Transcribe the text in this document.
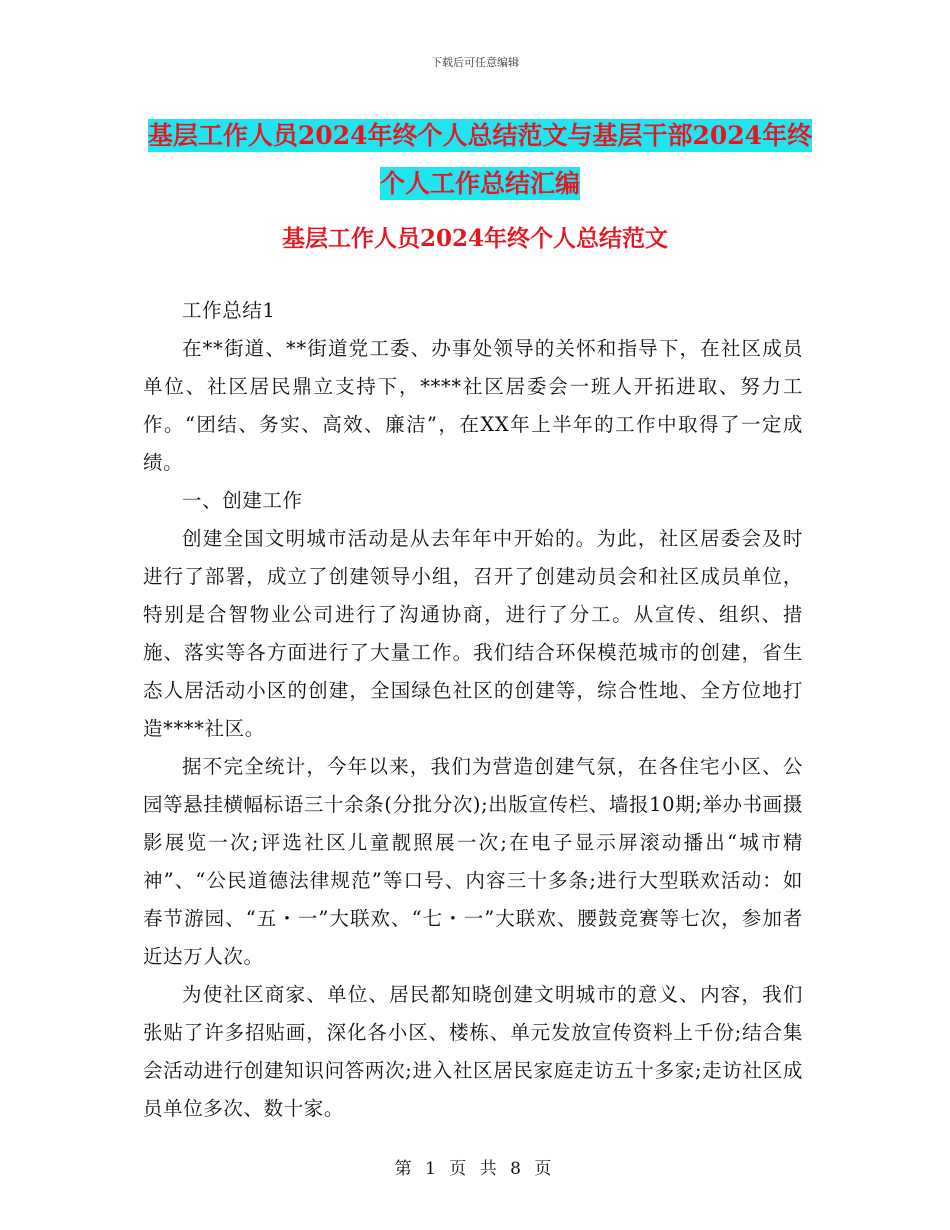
下载后可任意编辑
基层工作人员2024年终个人总结范文与基层干部2024年终个人工作总结汇编
基层工作人员2024年终个人总结范文

工作总结1

在**街道、**街道党工委、办事处领导的关怀和指导下，在社区成员单位、社区居民鼎立支持下，****社区居委会一班人开拓进取、努力工作。“团结、务实、高效、廉洁”，在XX年上半年的工作中取得了一定成绩。

一、创建工作

创建全国文明城市活动是从去年年中开始的。为此，社区居委会及时进行了部署，成立了创建领导小组，召开了创建动员会和社区成员单位，特别是合智物业公司进行了沟通协商，进行了分工。从宣传、组织、措施、落实等各方面进行了大量工作。我们结合环保模范城市的创建，省生态人居活动小区的创建，全国绿色社区的创建等，综合性地、全方位地打造****社区。

据不完全统计，今年以来，我们为营造创建气氛，在各住宅小区、公园等悬挂横幅标语三十余条(分批分次);出版宣传栏、墙报10期;举办书画摄影展览一次;评选社区儿童靓照展一次;在电子显示屏滚动播出“城市精神”、“公民道德法律规范”等口号、内容三十多条;进行大型联欢活动：如春节游园、“五・一”大联欢、“七・一”大联欢、腰鼓竞赛等七次，参加者近达万人次。

为使社区商家、单位、居民都知晓创建文明城市的意义、内容，我们张贴了许多招贴画，深化各小区、楼栋、单元发放宣传资料上千份;结合集会活动进行创建知识问答两次;进入社区居民家庭走访五十多家;走访社区成员单位多次、数十家。

第 1 页 共 8 页
